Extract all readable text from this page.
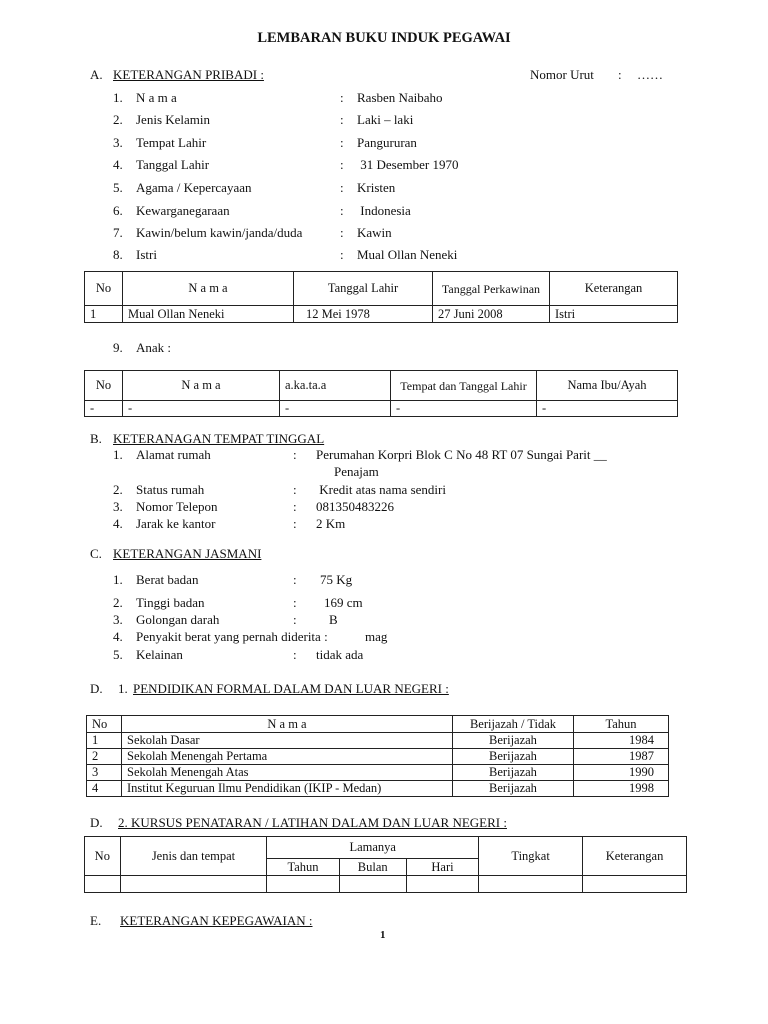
LEMBARAN BUKU INDUK PEGAWAI
A. KETERANGAN PRIBADI :	Nomor Urut : ……
1. N a m a	: Rasben Naibaho
2. Jenis Kelamin	: Laki – laki
3. Tempat Lahir	: Pangururan
4. Tanggal Lahir	: 31 Desember 1970
5. Agama / Kepercayaan	: Kristen
6. Kewarganegaraan	: Indonesia
7. Kawin/belum kawin/janda/duda	: Kawin
8. Istri	: Mual Ollan Neneki
No	N a m a	Tanggal Lahir	Tanggal Perkawinan	Keterangan
1	Mual Ollan Neneki	12 Mei 1978	27 Juni 2008	Istri
9. Anak :
No	N a m a	a.ka.ta.a	Tempat dan Tanggal Lahir	Nama Ibu/Ayah
-	-	-	-	-
B. KETERANAGAN TEMPAT TINGGAL
1. Alamat rumah	: Perumahan Korpri Blok C No 48 RT 07 Sungai Parit __
Penajam
2. Status rumah	: Kredit atas nama sendiri
3. Nomor Telepon	: 081350483226
4. Jarak ke kantor	: 2 Km
C. KETERANGAN JASMANI
1. Berat badan	: 75 Kg
2. Tinggi badan	: 169 cm
3. Golongan darah	: B
4. Penyakit berat yang pernah diderita :	mag
5. Kelainan	: tidak ada
D. 1. PENDIDIKAN FORMAL DALAM DAN LUAR NEGERI :
No	N a m a	Berijazah / Tidak	Tahun
1	Sekolah Dasar	Berijazah	1984
2	Sekolah Menengah Pertama	Berijazah	1987
3	Sekolah Menengah Atas	Berijazah	1990
4	Institut Keguruan Ilmu Pendidikan (IKIP - Medan)	Berijazah	1998
D. 2. KURSUS PENATARAN / LATIHAN DALAM DAN LUAR NEGERI :
No	Jenis dan tempat	Lamanya			Tingkat	Keterangan
		Tahun	Bulan	Hari		

E. KETERANGAN KEPEGAWAIAN :
1
